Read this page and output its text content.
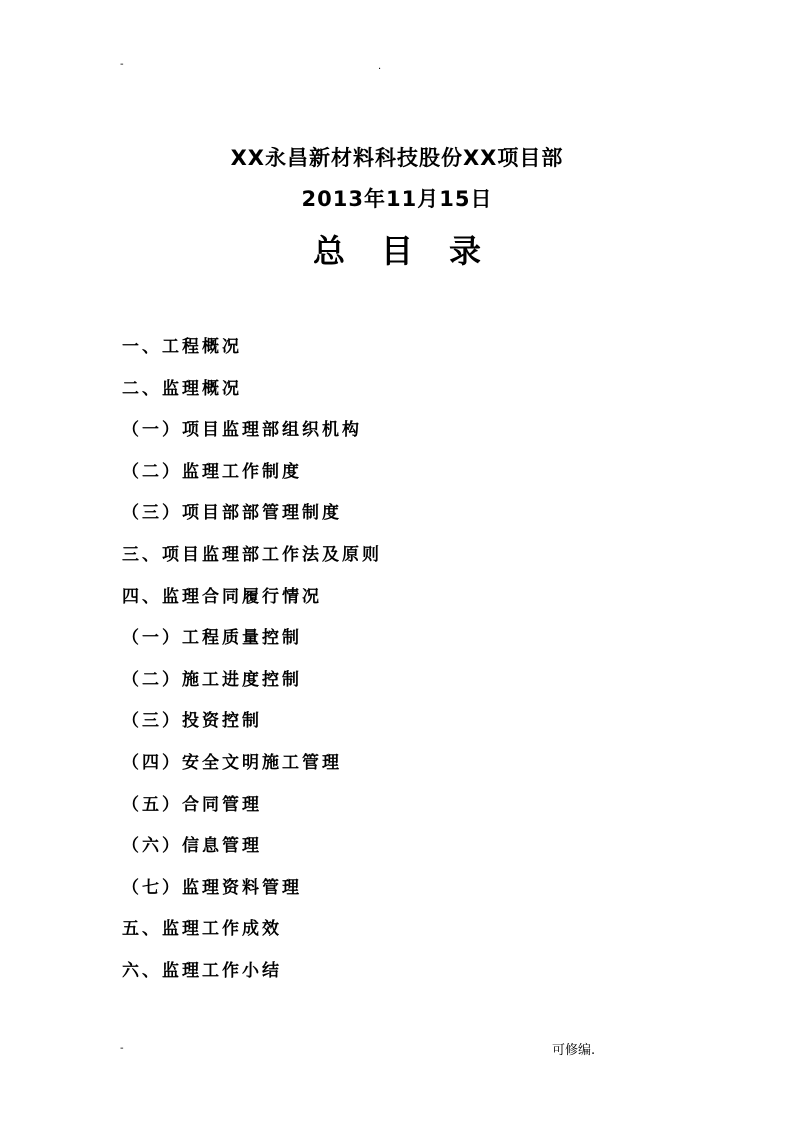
-	.
XX永昌新材料科技股份XX项目部
2013年11月15日
总目录
一、工程概况
二、监理概况
（一）项目监理部组织机构
（二）监理工作制度
（三）项目部部管理制度
三、项目监理部工作法及原则
四、监理合同履行情况
（一）工程质量控制
（二）施工进度控制
（三）投资控制
（四）安全文明施工管理
（五）合同管理
（六）信息管理
（七）监理资料管理
五、监理工作成效
六、监理工作小结
-	可修编.
